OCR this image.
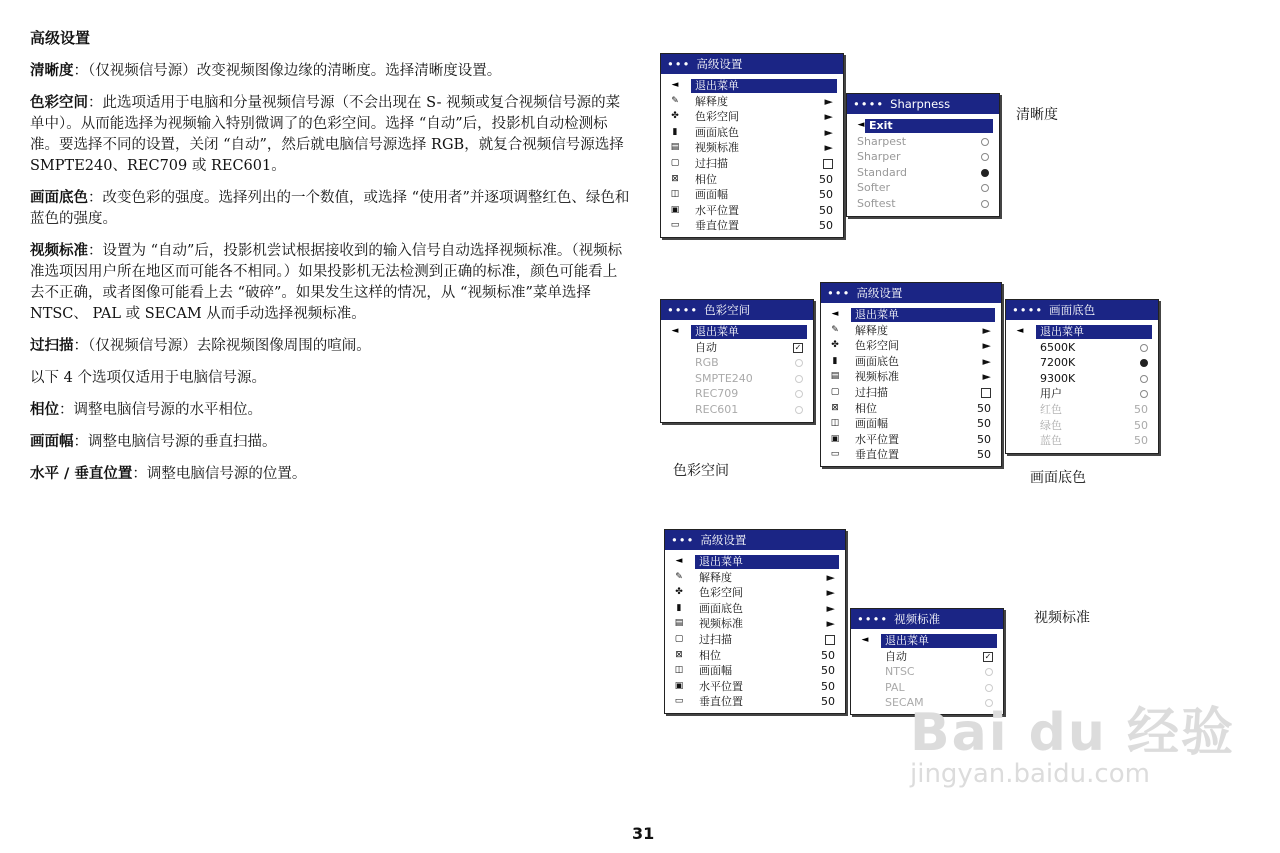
高级设置

清晰度：（仅视频信号源）改变视频图像边缘的清晰度。选择清晰度设置。

色彩空间：此选项适用于电脑和分量视频信号源（不会出现在 S- 视频或复合视频信号源的菜单中）。从而能选择为视频输入特别微调了的色彩空间。选择 “自动”后，投影机自动检测标准。要选择不同的设置，关闭 “自动”，然后就电脑信号源选择 RGB，就复合视频信号源选择 SMPTE240、REC709 或 REC601。

画面底色：改变色彩的强度。选择列出的一个数值，或选择 “使用者”并逐项调整红色、绿色和蓝色的强度。

视频标准：设置为 “自动”后，投影机尝试根据接收到的输入信号自动选择视频标准。（视频标准选项因用户所在地区而可能各不相同。）如果投影机无法检测到正确的标准，颜色可能看上去不正确，或者图像可能看上去 “破碎”。如果发生这样的情况，从 “视频标准”菜单选择 NTSC、 PAL 或 SECAM 从而手动选择视频标准。

过扫描：（仅视频信号源）去除视频图像周围的喧闹。

以下 4 个选项仅适用于电脑信号源。

相位：调整电脑信号源的水平相位。

画面幅：调整电脑信号源的垂直扫描。

水平 / 垂直位置：调整电脑信号源的位置。

••• 高级设置
◄ 退出菜单
✎ 解释度	►
✤ 色彩空间	►
▮	画面底色	►
▤ 视频标准	►
▢ 过扫描
⊠ 相位	50
◫ 画面幅	50
▣ 水平位置	50
▭ 垂直位置	50
•••• Sharpness
◄ Exit
Sharpest
Sharper
Standard
Softer
Softest
清晰度
•••• 色彩空间
◄ 退出菜单
自动	✓
RGB
SMPTE240
REC709
REC601
••• 高级设置
◄ 退出菜单
✎ 解释度	►
✤ 色彩空间	►
▮	画面底色	►
▤ 视频标准	►
▢ 过扫描
⊠ 相位	50
◫ 画面幅	50
▣ 水平位置	50
▭ 垂直位置	50
•••• 画面底色
◄ 退出菜单
6500K
7200K
9300K
用户
红色	50
绿色	50
蓝色	50
色彩空间	画面底色
••• 高级设置
◄ 退出菜单
✎ 解释度	►
✤ 色彩空间	►
▮	画面底色	►
▤ 视频标准	►
▢ 过扫描
⊠ 相位	50
◫ 画面幅	50
▣ 水平位置	50
▭ 垂直位置	50
•••• 视频标准
◄ 退出菜单
自动	✓
NTSC
PAL
SECAM
视频标准
Bai du 经验
jingyan.baidu.com
31
